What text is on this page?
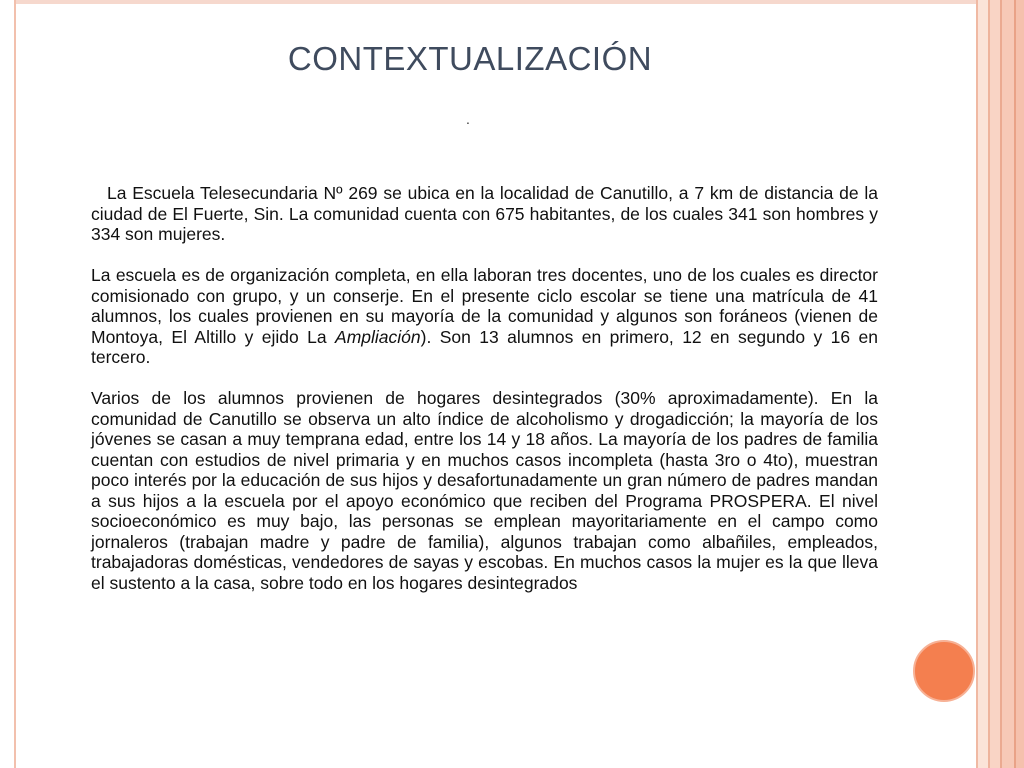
CONTEXTUALIZACIÓN
.

La Escuela Telesecundaria Nº 269 se ubica en la localidad de Canutillo, a 7 km de distancia de la ciudad de El Fuerte, Sin. La comunidad cuenta con 675 habitantes, de los cuales 341 son hombres y 334 son mujeres.

La escuela es de organización completa, en ella laboran tres docentes, uno de los cuales es director comisionado con grupo, y un conserje. En el presente ciclo escolar se tiene una matrícula de 41 alumnos, los cuales provienen en su mayoría de la comunidad y algunos son foráneos (vienen de Montoya, El Altillo y ejido La Ampliación). Son 13 alumnos en primero, 12 en segundo y 16 en tercero.

Varios de los alumnos provienen de hogares desintegrados (30% aproximadamente). En la comunidad de Canutillo se observa un alto índice de alcoholismo y drogadicción; la mayoría de los jóvenes se casan a muy temprana edad, entre los 14 y 18 años. La mayoría de los padres de familia cuentan con estudios de nivel primaria y en muchos casos incompleta (hasta 3ro o 4to), muestran poco interés por la educación de sus hijos y desafortunadamente un gran número de padres mandan a sus hijos a la escuela por el apoyo económico que reciben del Programa PROSPERA. El nivel socioeconómico es muy bajo, las personas se emplean mayoritariamente en el campo como jornaleros (trabajan madre y padre de familia), algunos trabajan como albañiles, empleados, trabajadoras domésticas, vendedores de sayas y escobas. En muchos casos la mujer es la que lleva el sustento a la casa, sobre todo en los hogares desintegrados
